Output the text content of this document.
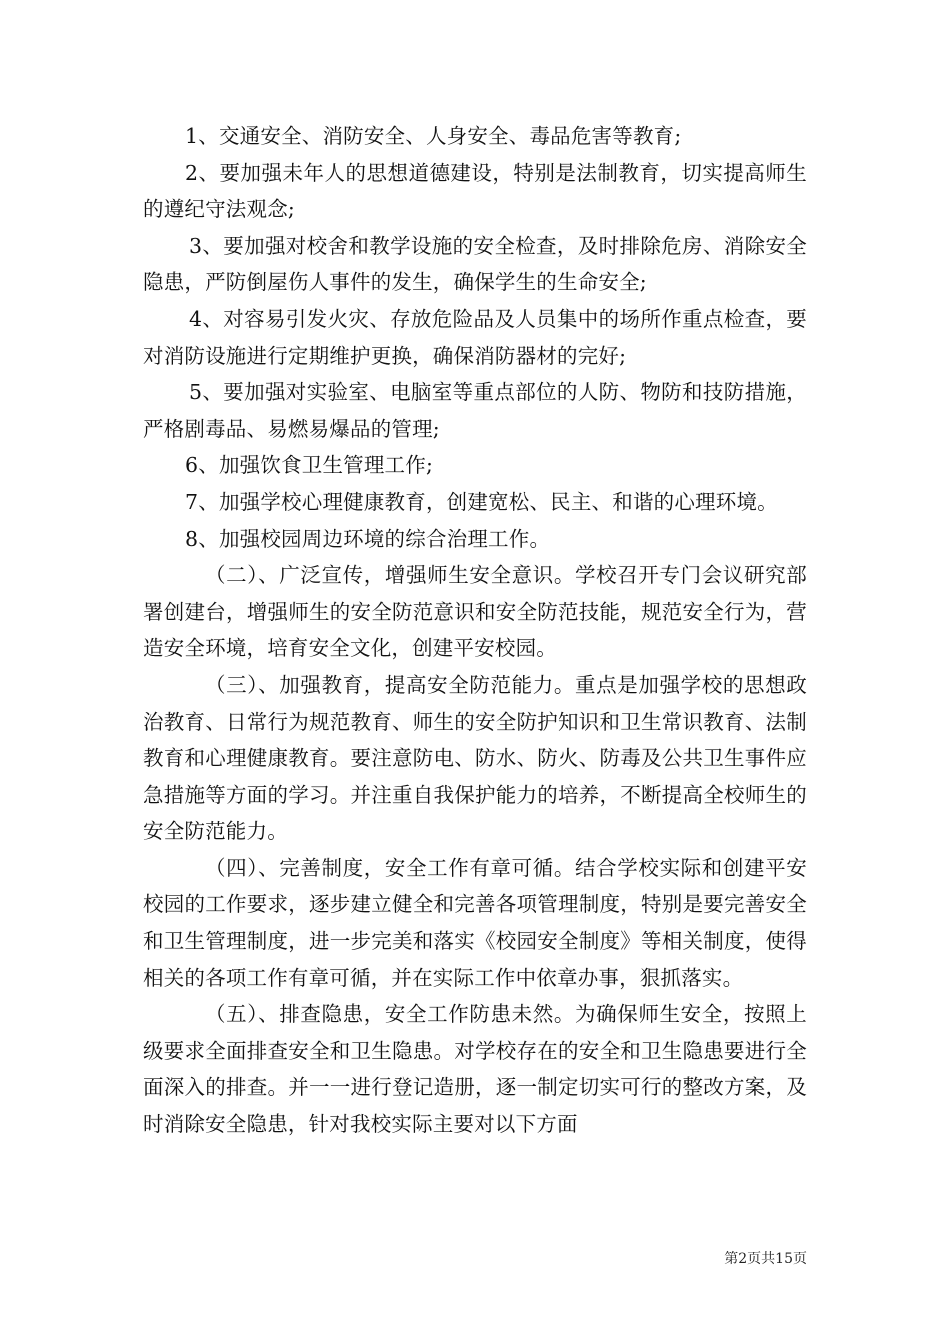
1、交通安全、消防安全、人身安全、毒品危害等教育;

2、要加强未年人的思想道德建设，特别是法制教育，切实提高师生的遵纪守法观念;

3、要加强对校舍和教学设施的安全检查，及时排除危房、消除安全隐患，严防倒屋伤人事件的发生，确保学生的生命安全;

4、对容易引发火灾、存放危险品及人员集中的场所作重点检查，要对消防设施进行定期维护更换，确保消防器材的完好;

5、要加强对实验室、电脑室等重点部位的人防、物防和技防措施，严格剧毒品、易燃易爆品的管理;

6、加强饮食卫生管理工作;

7、加强学校心理健康教育，创建宽松、民主、和谐的心理环境。

8、加强校园周边环境的综合治理工作。

（二）、广泛宣传，增强师生安全意识。学校召开专门会议研究部署创建台，增强师生的安全防范意识和安全防范技能，规范安全行为，营造安全环境，培育安全文化，创建平安校园。

（三）、加强教育，提高安全防范能力。重点是加强学校的思想政治教育、日常行为规范教育、师生的安全防护知识和卫生常识教育、法制教育和心理健康教育。要注意防电、防水、防火、防毒及公共卫生事件应急措施等方面的学习。并注重自我保护能力的培养，不断提高全校师生的安全防范能力。

（四）、完善制度，安全工作有章可循。结合学校实际和创建平安校园的工作要求，逐步建立健全和完善各项管理制度，特别是要完善安全和卫生管理制度，进一步完美和落实《校园安全制度》等相关制度，使得相关的各项工作有章可循，并在实际工作中依章办事，狠抓落实。

（五）、排查隐患，安全工作防患未然。为确保师生安全，按照上级要求全面排查安全和卫生隐患。对学校存在的安全和卫生隐患要进行全面深入的排查。并一一进行登记造册，逐一制定切实可行的整改方案，及时消除安全隐患，针对我校实际主要对以下方面

第2页共15页
